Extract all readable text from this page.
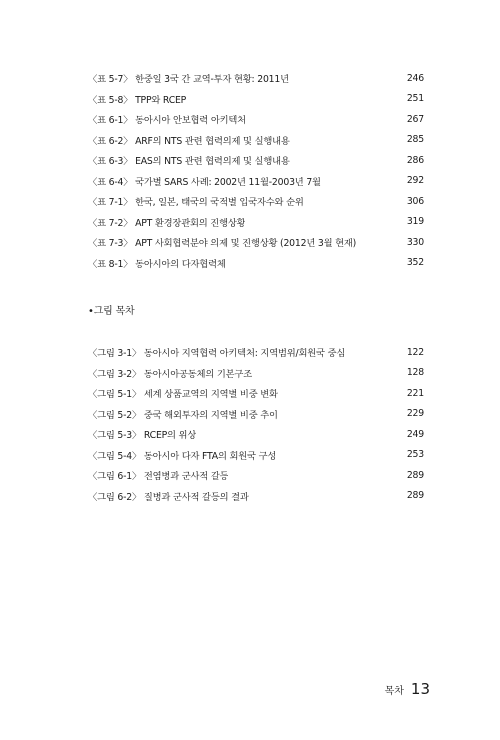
〈표 5-7〉 한중일 3국 간 교역-투자 현황: 2011년	246
〈표 5-8〉 TPP와 RCEP	251
〈표 6-1〉 동아시아 안보협력 아키텍처	267
〈표 6-2〉 ARF의 NTS 관련 협력의제 및 실행내용	285
〈표 6-3〉 EAS의 NTS 관련 협력의제 및 실행내용	286
〈표 6-4〉 국가별 SARS 사례: 2002년 11월-2003년 7월	292
〈표 7-1〉 한국, 일본, 태국의 국적별 입국자수와 순위	306
〈표 7-2〉 APT 환경장관회의 진행상황	319
〈표 7-3〉 APT 사회협력분야 의제 및 진행상황 (2012년 3월 현재)	330
〈표 8-1〉 동아시아의 다자협력체	352
•그림 목차
〈그림 3-1〉 동아시아 지역협력 아키텍처: 지역범위/회원국 중심	122
〈그림 3-2〉 동아시아공동체의 기본구조	128
〈그림 5-1〉 세계 상품교역의 지역별 비중 변화	221
〈그림 5-2〉 중국 해외투자의 지역별 비중 추이	229
〈그림 5-3〉 RCEP의 위상	249
〈그림 5-4〉 동아시아 다자 FTA의 회원국 구성	253
〈그림 6-1〉 전염병과 군사적 갈등	289
〈그림 6-2〉 질병과 군사적 갈등의 결과	289
목차 13
